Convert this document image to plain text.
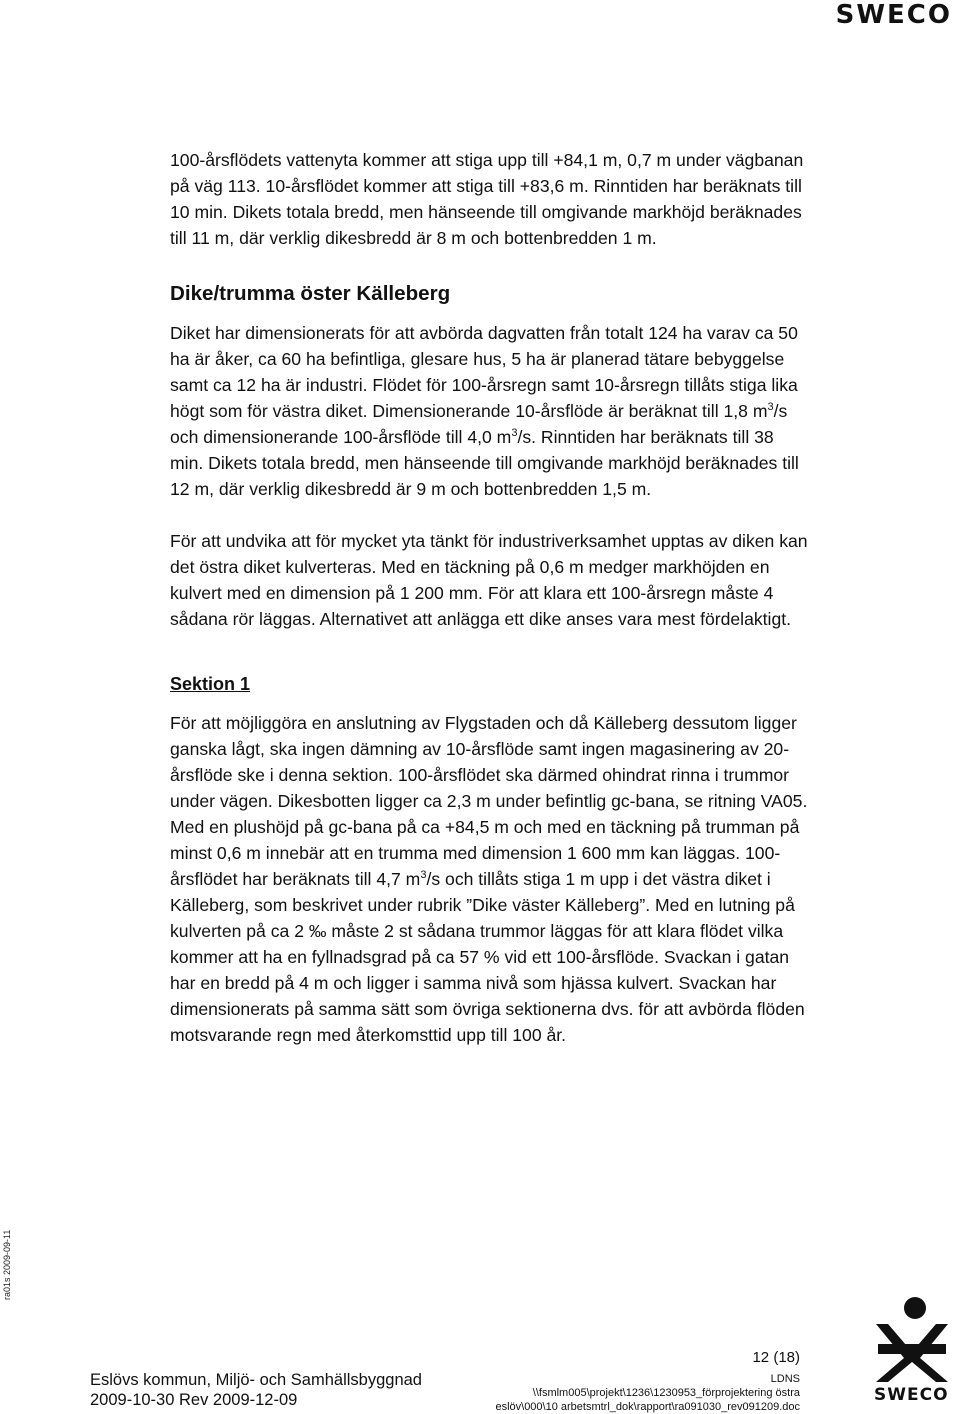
SWECO

100-årsflödets vattenyta kommer att stiga upp till +84,1 m, 0,7 m under vägbanan på väg 113. 10-årsflödet kommer att stiga till +83,6 m. Rinntiden har beräknats till 10 min. Dikets totala bredd, men hänseende till omgivande markhöjd beräknades till 11 m, där verklig dikesbredd är 8 m och bottenbredden 1 m.

Dike/trumma öster Källeberg

Diket har dimensionerats för att avbörda dagvatten från totalt 124 ha varav ca 50 ha är åker, ca 60 ha befintliga, glesare hus, 5 ha är planerad tätare bebyggelse samt ca 12 ha är industri. Flödet för 100-årsregn samt 10-årsregn tillåts stiga lika högt som för västra diket. Dimensionerande 10-årsflöde är beräknat till 1,8 $m^3/s$ och dimensionerande 100-årsflöde till 4,0 $m^3/s$. Rinntiden har beräknats till 38 min. Dikets totala bredd, men hänseende till omgivande markhöjd beräknades till 12 m, där verklig dikesbredd är 9 m och bottenbredden 1,5 m.

För att undvika att för mycket yta tänkt för industriverksamhet upptas av diken kan det östra diket kulverteras. Med en täckning på 0,6 m medger markhöjden en kulvert med en dimension på 1 200 mm. För att klara ett 100-årsregn måste 4 sådana rör läggas. Alternativet att anlägga ett dike anses vara mest fördelaktigt.

Sektion 1

För att möjliggöra en anslutning av Flygstaden och då Källeberg dessutom ligger ganska lågt, ska ingen dämning av 10-årsflöde samt ingen magasinering av 20-årsflöde ske i denna sektion. 100-årsflödet ska därmed ohindrat rinna i trummor under vägen. Dikesbotten ligger ca 2,3 m under befintlig gc-bana, se ritning VA05. Med en plushöjd på gc-bana på ca +84,5 m och med en täckning på trumman på minst 0,6 m innebär att en trumma med dimension 1 600 mm kan läggas. 100-årsflödet har beräknats till 4,7 $m^3/s$ och tillåts stiga 1 m upp i det västra diket i Källeberg, som beskrivet under rubrik ”Dike väster Källeberg”. Med en lutning på kulverten på ca 2 ‰ måste 2 st sådana trummor läggas för att klara flödet vilka kommer att ha en fyllnadsgrad på ca 57 % vid ett 100-årsflöde. Svackan i gatan har en bredd på 4 m och ligger i samma nivå som hjässa kulvert. Svackan har dimensionerats på samma sätt som övriga sektionerna dvs. för att avbörda flöden motsvarande regn med återkomsttid upp till 100 år.

ra01s 2009-09-11
Eslövs kommun, Miljö- och Samhällsbyggnad
2009-10-30 Rev 2009-12-09
12 (18)
LDNS
\\fsmlm005\projekt\1236\1230953_förprojektering östra
eslöv\000\10 arbetsmtrl_dok\rapport\ra091030_rev091209.doc
SWECO
